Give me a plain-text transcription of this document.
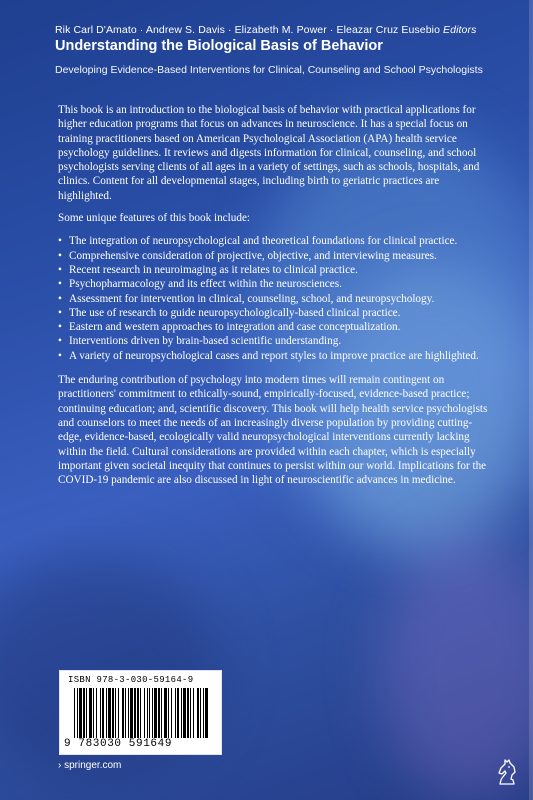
Rik Carl D'Amato · Andrew S. Davis · Elizabeth M. Power · Eleazar Cruz Eusebio Editors
Understanding the Biological Basis of Behavior
Developing Evidence-Based Interventions for Clinical, Counseling and School Psychologists

This book is an introduction to the biological basis of behavior with practical applications for higher education programs that focus on advances in neuroscience. It has a special focus on training practitioners based on American Psychological Association (APA) health service psychology guidelines. It reviews and digests information for clinical, counseling, and school psychologists serving clients of all ages in a variety of settings, such as schools, hospitals, and clinics. Content for all developmental stages, including birth to geriatric practices are highlighted.

Some unique features of this book include:

• The integration of neuropsychological and theoretical foundations for clinical practice.
• Comprehensive consideration of projective, objective, and interviewing measures.
• Recent research in neuroimaging as it relates to clinical practice.
• Psychopharmacology and its effect within the neurosciences.
• Assessment for intervention in clinical, counseling, school, and neuropsychology.
• The use of research to guide neuropsychologically-based clinical practice.
• Eastern and western approaches to integration and case conceptualization.
• Interventions driven by brain-based scientific understanding.
• A variety of neuropsychological cases and report styles to improve practice are highlighted.

The enduring contribution of psychology into modern times will remain contingent on practitioners' commitment to ethically-sound, empirically-focused, evidence-based practice; continuing education; and, scientific discovery. This book will help health service psychologists and counselors to meet the needs of an increasingly diverse population by providing cutting-edge, evidence-based, ecologically valid neuropsychological interventions currently lacking within the field. Cultural considerations are provided within each chapter, which is especially important given societal inequity that continues to persist within our world. Implications for the COVID-19 pandemic are also discussed in light of neuroscientific advances in medicine.

ISBN 978-3-030-59164-9
9 783030 591649
› springer.com
